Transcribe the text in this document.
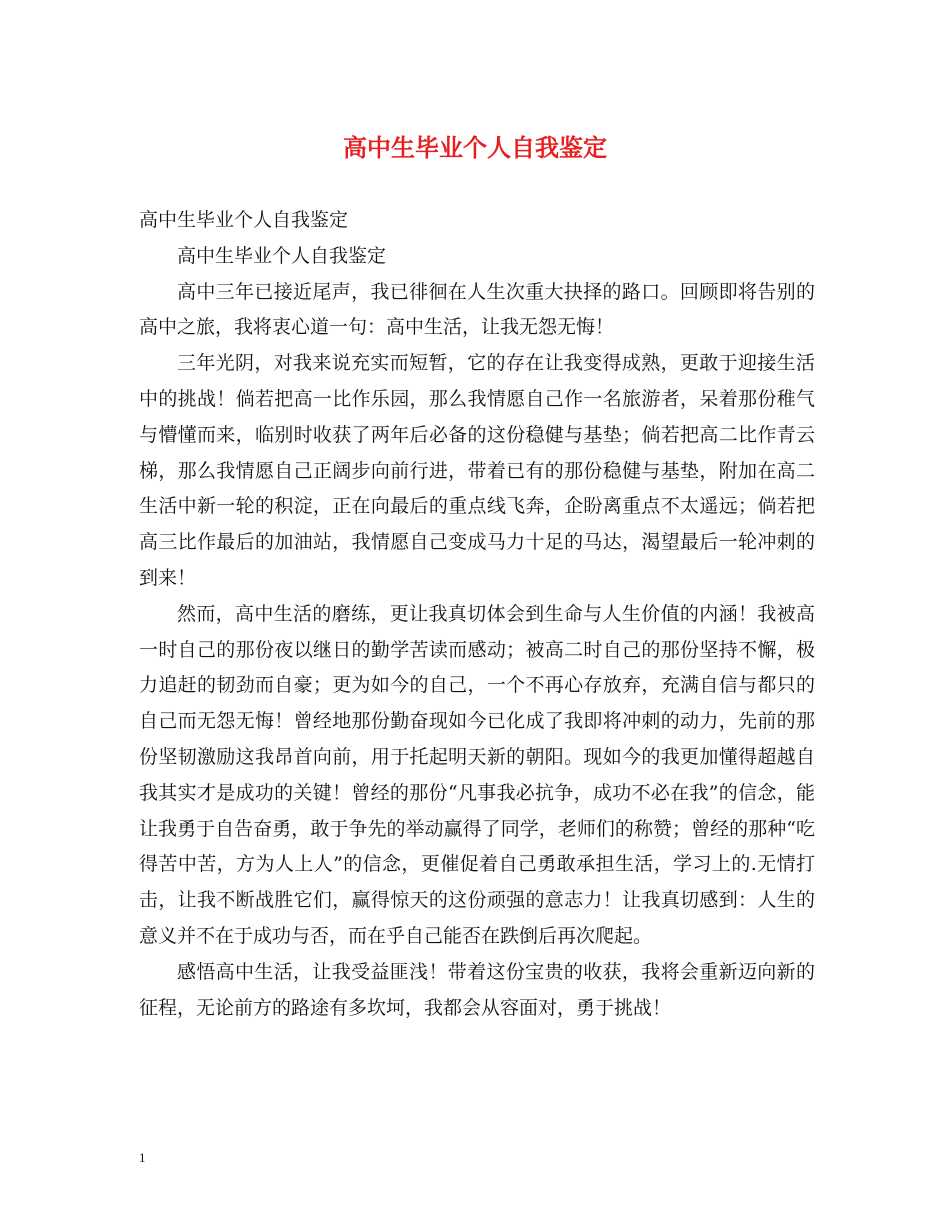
高中生毕业个人自我鉴定

高中生毕业个人自我鉴定

高中生毕业个人自我鉴定

高中三年已接近尾声，我已徘徊在人生次重大抉择的路口。回顾即将告别的高中之旅，我将衷心道一句：高中生活，让我无怨无悔！

三年光阴，对我来说充实而短暂，它的存在让我变得成熟，更敢于迎接生活中的挑战！倘若把高一比作乐园，那么我情愿自己作一名旅游者，呆着那份稚气与懵懂而来，临别时收获了两年后必备的这份稳健与基垫；倘若把高二比作青云梯，那么我情愿自己正阔步向前行进，带着已有的那份稳健与基垫，附加在高二生活中新一轮的积淀，正在向最后的重点线飞奔，企盼离重点不太遥远；倘若把高三比作最后的加油站，我情愿自己变成马力十足的马达，渴望最后一轮冲刺的到来！

然而，高中生活的磨练，更让我真切体会到生命与人生价值的内涵！我被高一时自己的那份夜以继日的勤学苦读而感动；被高二时自己的那份坚持不懈，极力追赶的韧劲而自豪；更为如今的自己，一个不再心存放弃，充满自信与都只的自己而无怨无悔！曾经地那份勤奋现如今已化成了我即将冲刺的动力，先前的那份坚韧激励这我昂首向前，用于托起明天新的朝阳。现如今的我更加懂得超越自我其实才是成功的关键！曾经的那份“凡事我必抗争，成功不必在我”的信念，能让我勇于自告奋勇，敢于争先的举动赢得了同学，老师们的称赞；曾经的那种“吃得苦中苦，方为人上人”的信念，更催促着自己勇敢承担生活，学习上的.无情打击，让我不断战胜它们，赢得惊天的这份顽强的意志力！让我真切感到：人生的意义并不在于成功与否，而在乎自己能否在跌倒后再次爬起。

感悟高中生活，让我受益匪浅！带着这份宝贵的收获，我将会重新迈向新的征程，无论前方的路途有多坎坷，我都会从容面对，勇于挑战！

1
